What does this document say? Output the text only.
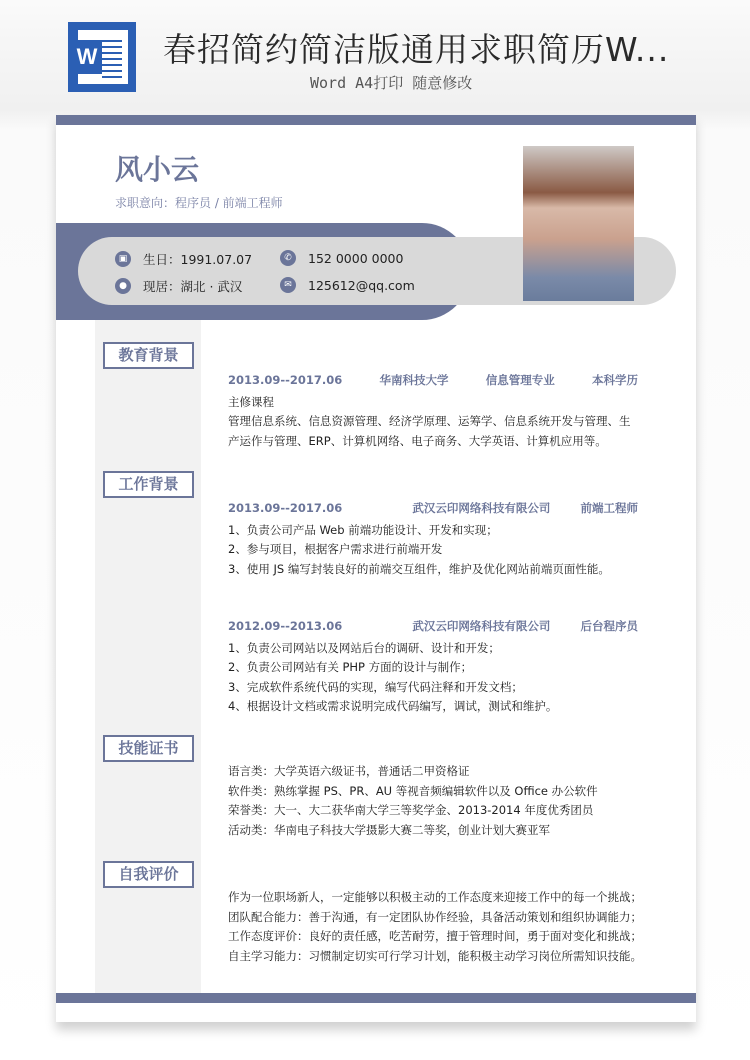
W 春招简约简洁版通用求职简历W...
Word A4打印 随意修改
风小云
求职意向：程序员 / 前端工程师
▣	生日：1991.07.07
●	现居：湖北 · 武汉
✆	152 0000 0000
✉	125612@qq.com
教育背景
2013.09--2017.06	华南科技大学	信息管理专业	本科学历
主修课程
管理信息系统、信息资源管理、经济学原理、运筹学、信息系统开发与管理、生产运作与管理、ERP、计算机网络、电子商务、大学英语、计算机应用等。
工作背景
2013.09--2017.06	武汉云印网络科技有限公司	前端工程师
1、负责公司产品 Web 前端功能设计、开发和实现；
2、参与项目，根据客户需求进行前端开发
3、使用 JS 编写封装良好的前端交互组件，维护及优化网站前端页面性能。
2012.09--2013.06	武汉云印网络科技有限公司	后台程序员
1、负责公司网站以及网站后台的调研、设计和开发；
2、负责公司网站有关 PHP 方面的设计与制作；
3、完成软件系统代码的实现，编写代码注释和开发文档；
4、根据设计文档或需求说明完成代码编写，调试，测试和维护。
技能证书
语言类：大学英语六级证书，普通话二甲资格证
软件类：熟练掌握 PS、PR、AU 等视音频编辑软件以及 Office 办公软件
荣誉类：大一、大二获华南大学三等奖学金、2013-2014 年度优秀团员
活动类：华南电子科技大学摄影大赛二等奖，创业计划大赛亚军
自我评价
作为一位职场新人，一定能够以积极主动的工作态度来迎接工作中的每一个挑战；
团队配合能力：善于沟通，有一定团队协作经验，具备活动策划和组织协调能力；
工作态度评价：良好的责任感，吃苦耐劳，擅于管理时间，勇于面对变化和挑战；
自主学习能力：习惯制定切实可行学习计划，能积极主动学习岗位所需知识技能。
